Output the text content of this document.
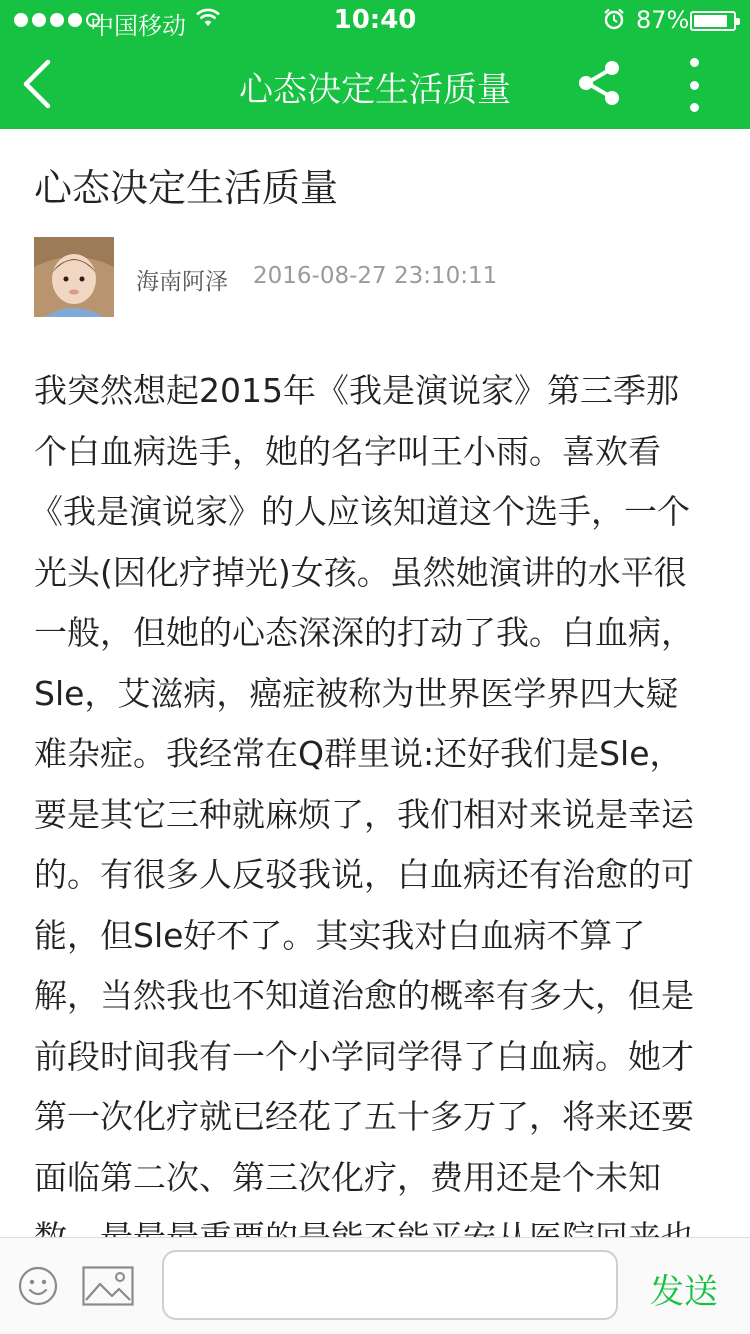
中国移动	10:40	87%
心态决定生活质量
心态决定生活质量
海南阿泽 2016-08-27 23:10:11
我突然想起2015年《我是演说家》第三季那
个白血病选手，她的名字叫王小雨。喜欢看
《我是演说家》的人应该知道这个选手，一个
光头(因化疗掉光)女孩。虽然她演讲的水平很
一般，但她的心态深深的打动了我。白血病，
Sle，艾滋病，癌症被称为世界医学界四大疑
难杂症。我经常在Q群里说:还好我们是Sle，
要是其它三种就麻烦了，我们相对来说是幸运
的。有很多人反驳我说，白血病还有治愈的可
能，但Sle好不了。其实我对白血病不算了
解，当然我也不知道治愈的概率有多大，但是
前段时间我有一个小学同学得了白血病。她才
第一次化疗就已经花了五十多万了，将来还要
面临第二次、第三次化疗，费用还是个未知
发送
